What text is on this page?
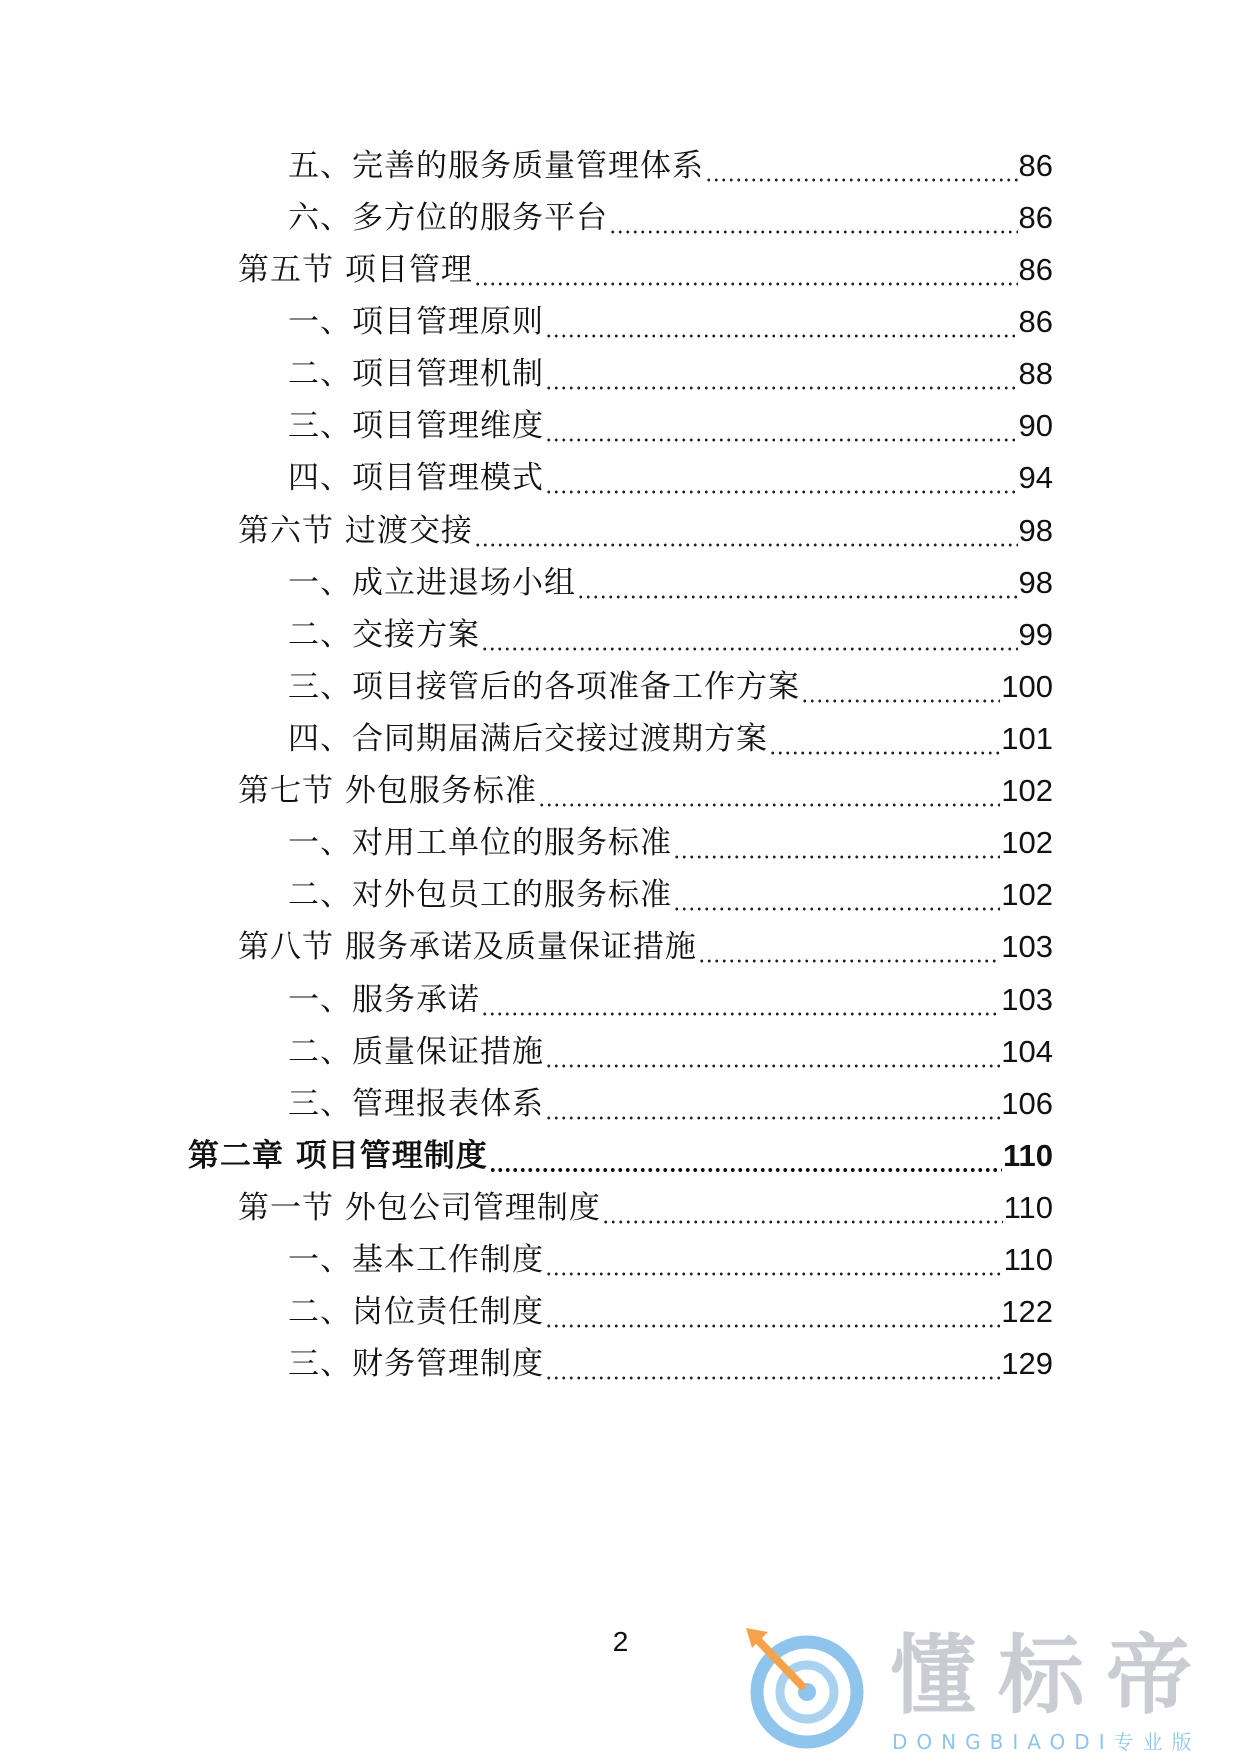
五、完善的服务质量管理体系	86
六、多方位的服务平台	86
第五节 项目管理	86
一、项目管理原则	86
二、项目管理机制	88
三、项目管理维度	90
四、项目管理模式	94
第六节 过渡交接	98
一、成立进退场小组	98
二、交接方案	99
三、项目接管后的各项准备工作方案	100
四、合同期届满后交接过渡期方案	101
第七节 外包服务标准	102
一、对用工单位的服务标准	102
二、对外包员工的服务标准	102
第八节 服务承诺及质量保证措施	103
一、服务承诺	103
二、质量保证措施	104
三、管理报表体系	106
第二章 项目管理制度	110
第一节 外包公司管理制度	110
一、基本工作制度	110
二、岗位责任制度	122
三、财务管理制度	129
2	懂标帝
DONGBIAODI专业版
